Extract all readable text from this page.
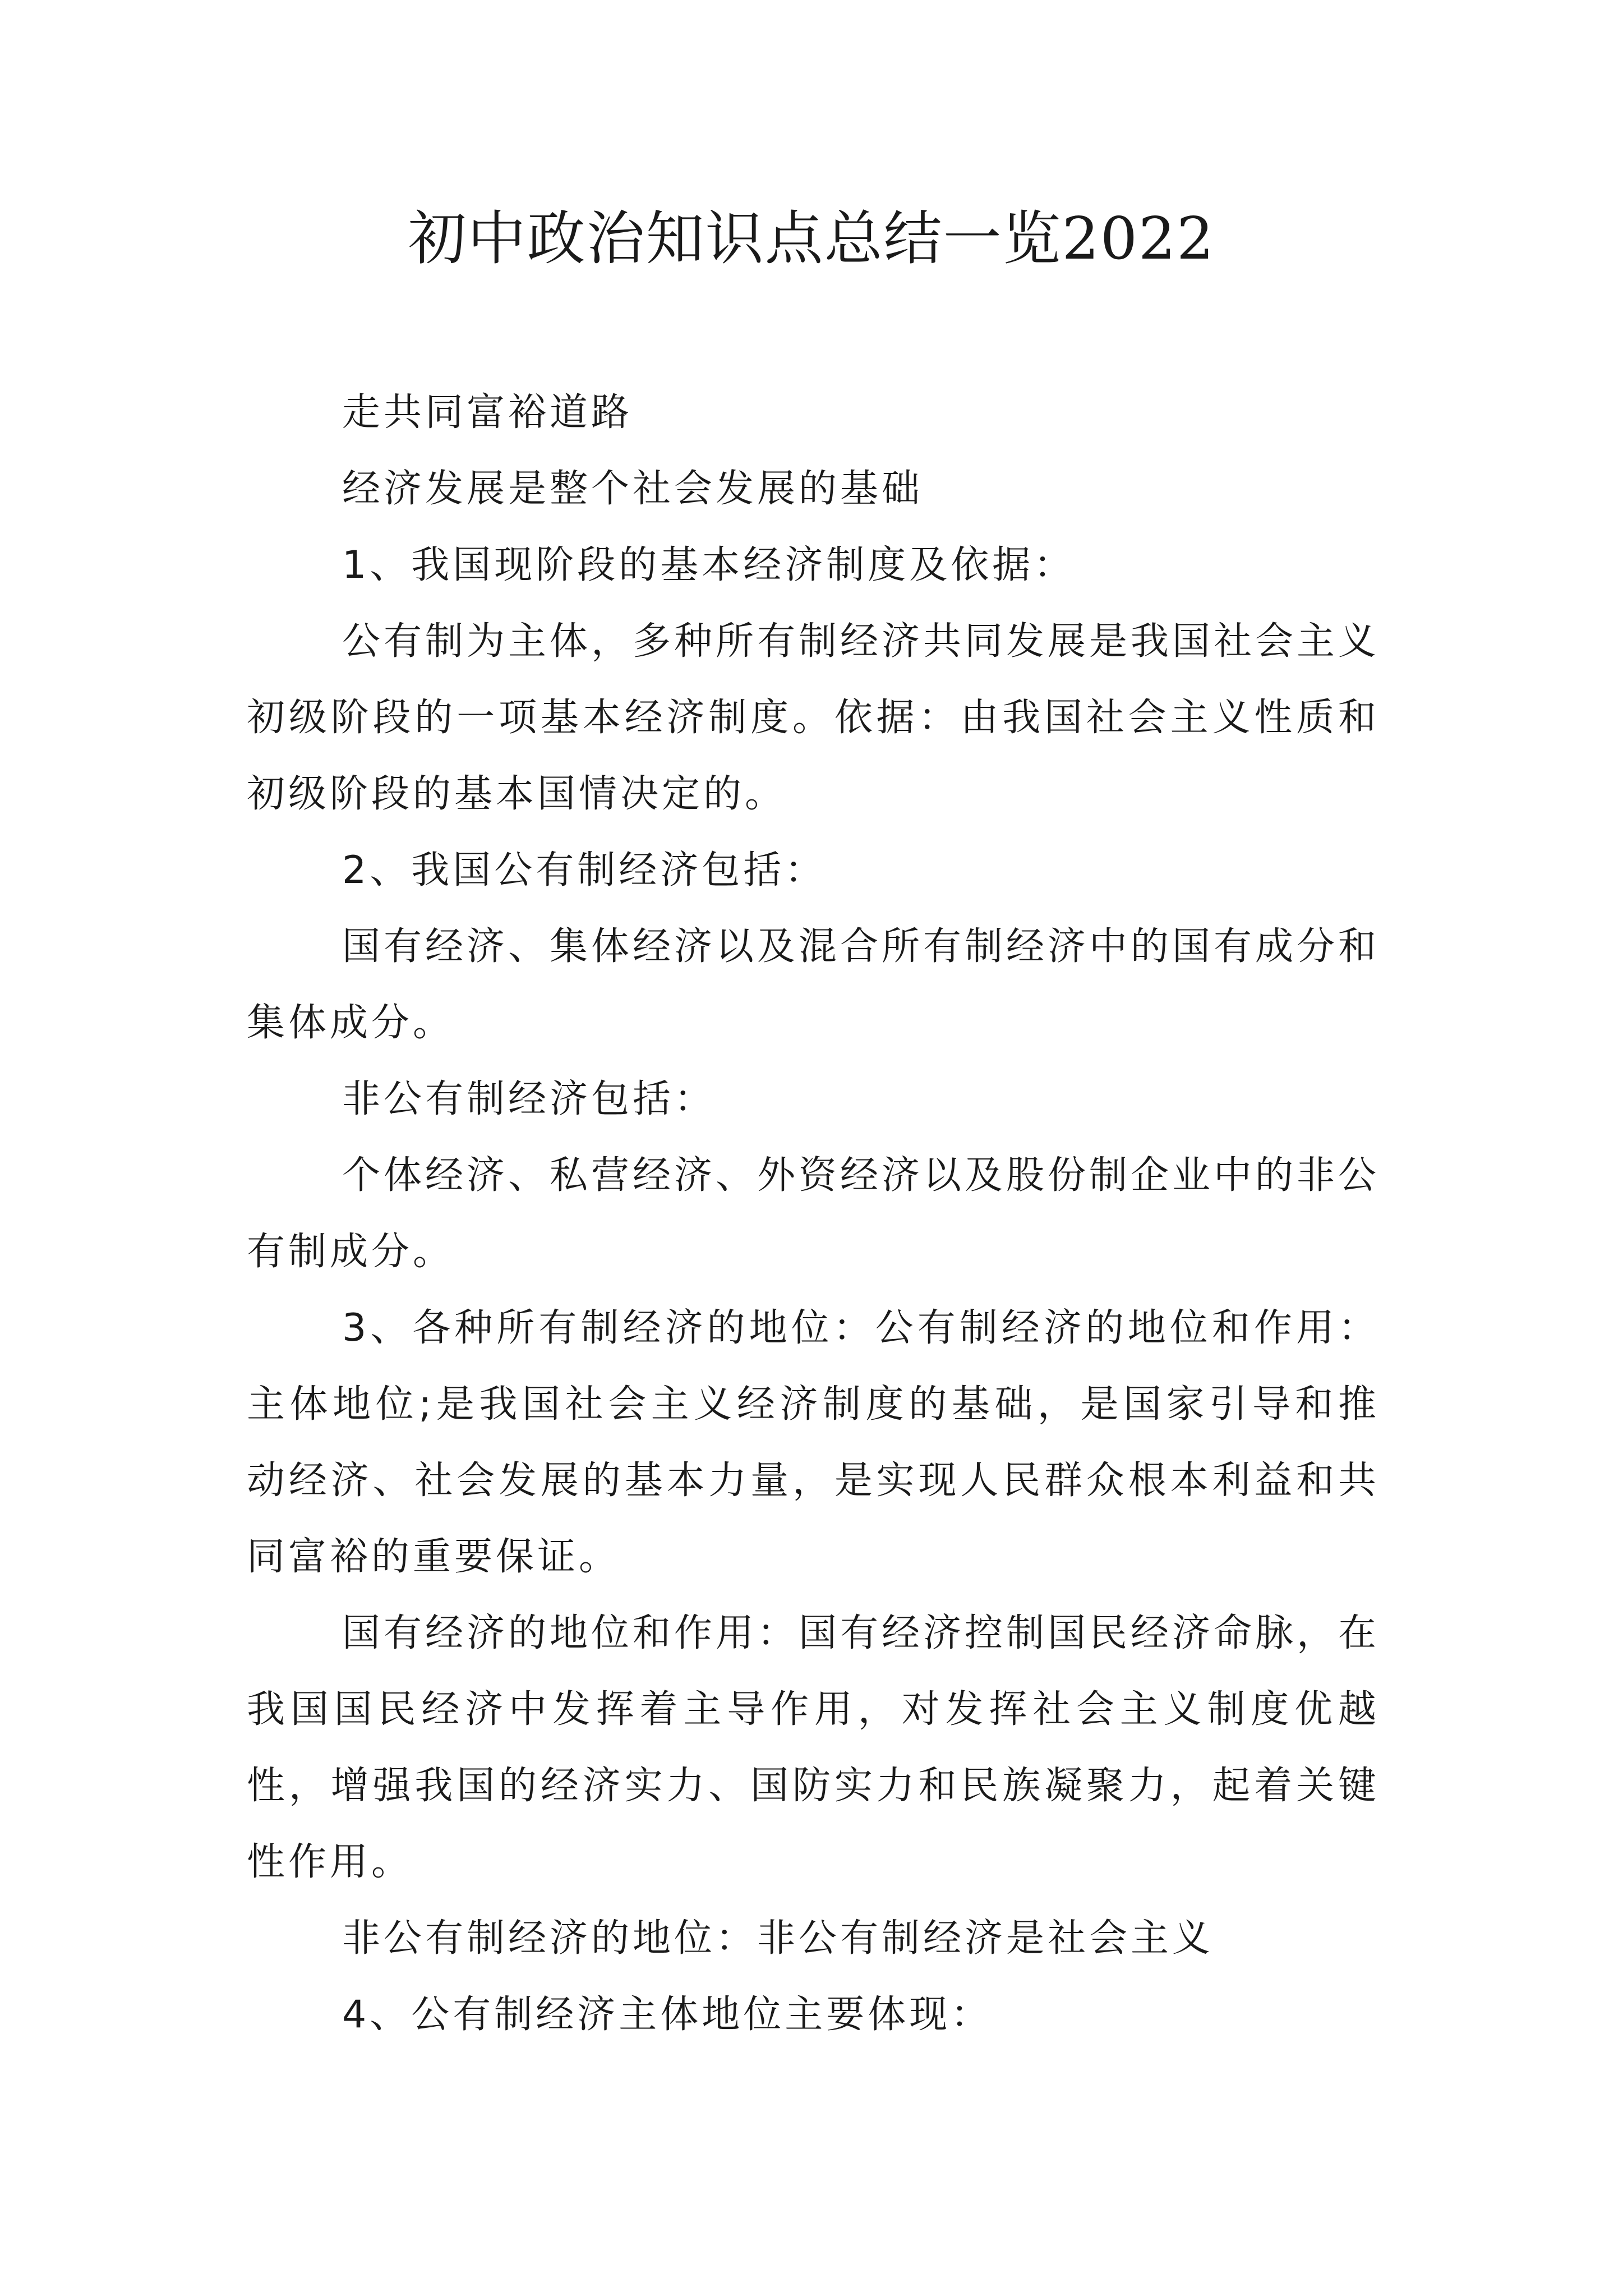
初中政治知识点总结一览2022

走共同富裕道路

经济发展是整个社会发展的基础

1、我国现阶段的基本经济制度及依据：

公有制为主体，多种所有制经济共同发展是我国社会主义初级阶段的一项基本经济制度。依据：由我国社会主义性质和初级阶段的基本国情决定的。

2、我国公有制经济包括：

国有经济、集体经济以及混合所有制经济中的国有成分和集体成分。

非公有制经济包括：

个体经济、私营经济、外资经济以及股份制企业中的非公有制成分。

3、各种所有制经济的地位：公有制经济的地位和作用：主体地位;是我国社会主义经济制度的基础，是国家引导和推动经济、社会发展的基本力量，是实现人民群众根本利益和共同富裕的重要保证。

国有经济的地位和作用：国有经济控制国民经济命脉，在我国国民经济中发挥着主导作用，对发挥社会主义制度优越性，增强我国的经济实力、国防实力和民族凝聚力，起着关键性作用。

非公有制经济的地位：非公有制经济是社会主义

4、公有制经济主体地位主要体现：
